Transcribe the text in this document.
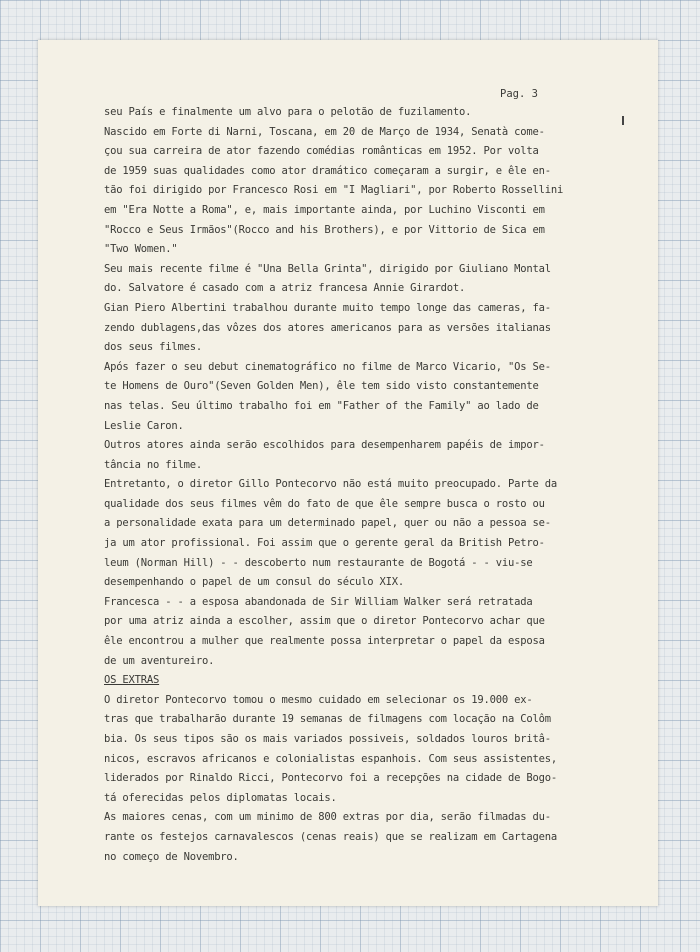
Pag. 3
seu País e finalmente um alvo para o pelotão de fuzilamento.
Nascido em Forte di Narni, Toscana, em 20 de Março de 1934, Senatà come-
çou sua carreira de ator fazendo comédias românticas em 1952. Por volta
de 1959 suas qualidades como ator dramático começaram a surgir, e êle en-
tão foi dirigido por Francesco Rosi em "I Magliari", por Roberto Rossellini
em "Era Notte a Roma", e, mais importante ainda, por Luchino Visconti em
"Rocco e Seus Irmãos"(Rocco and his Brothers), e por Vittorio de Sica em
"Two Women."
Seu mais recente filme é "Una Bella Grinta", dirigido por Giuliano Montal
do. Salvatore é casado com a atriz francesa Annie Girardot.
Gian Piero Albertini trabalhou durante muito tempo longe das cameras, fa-
zendo dublagens,das vôzes dos atores americanos para as versões italianas
dos seus filmes.
Após fazer o seu debut cinematográfico no filme de Marco Vicario, "Os Se-
te Homens de Ouro"(Seven Golden Men), êle tem sido visto constantemente
nas telas. Seu último trabalho foi em "Father of the Family" ao lado de
Leslie Caron.
Outros atores ainda serão escolhidos para desempenharem papéis de impor-
tância no filme.
Entretanto, o diretor Gillo Pontecorvo não está muito preocupado. Parte da
qualidade dos seus filmes vêm do fato de que êle sempre busca o rosto ou
a personalidade exata para um determinado papel, quer ou não a pessoa se-
ja um ator profissional. Foi assim que o gerente geral da British Petro-
leum (Norman Hill) - - descoberto num restaurante de Bogotá - - viu-se
desempenhando o papel de um consul do século XIX.
Francesca - - a esposa abandonada de Sir William Walker será retratada
por uma atriz ainda a escolher, assim que o diretor Pontecorvo achar que
êle encontrou a mulher que realmente possa interpretar o papel da esposa
de um aventureiro.
OS EXTRAS
O diretor Pontecorvo tomou o mesmo cuidado em selecionar os 19.000 ex-
tras que trabalharão durante 19 semanas de filmagens com locação na Colôm
bia. Os seus tipos são os mais variados possiveis, soldados louros britâ-
nicos, escravos africanos e colonialistas espanhois. Com seus assistentes,
liderados por Rinaldo Ricci, Pontecorvo foi a recepções na cidade de Bogo-
tá oferecidas pelos diplomatas locais.
As maiores cenas, com um minimo de 800 extras por dia, serão filmadas du-
rante os festejos carnavalescos (cenas reais) que se realizam em Cartagena
no começo de Novembro.
